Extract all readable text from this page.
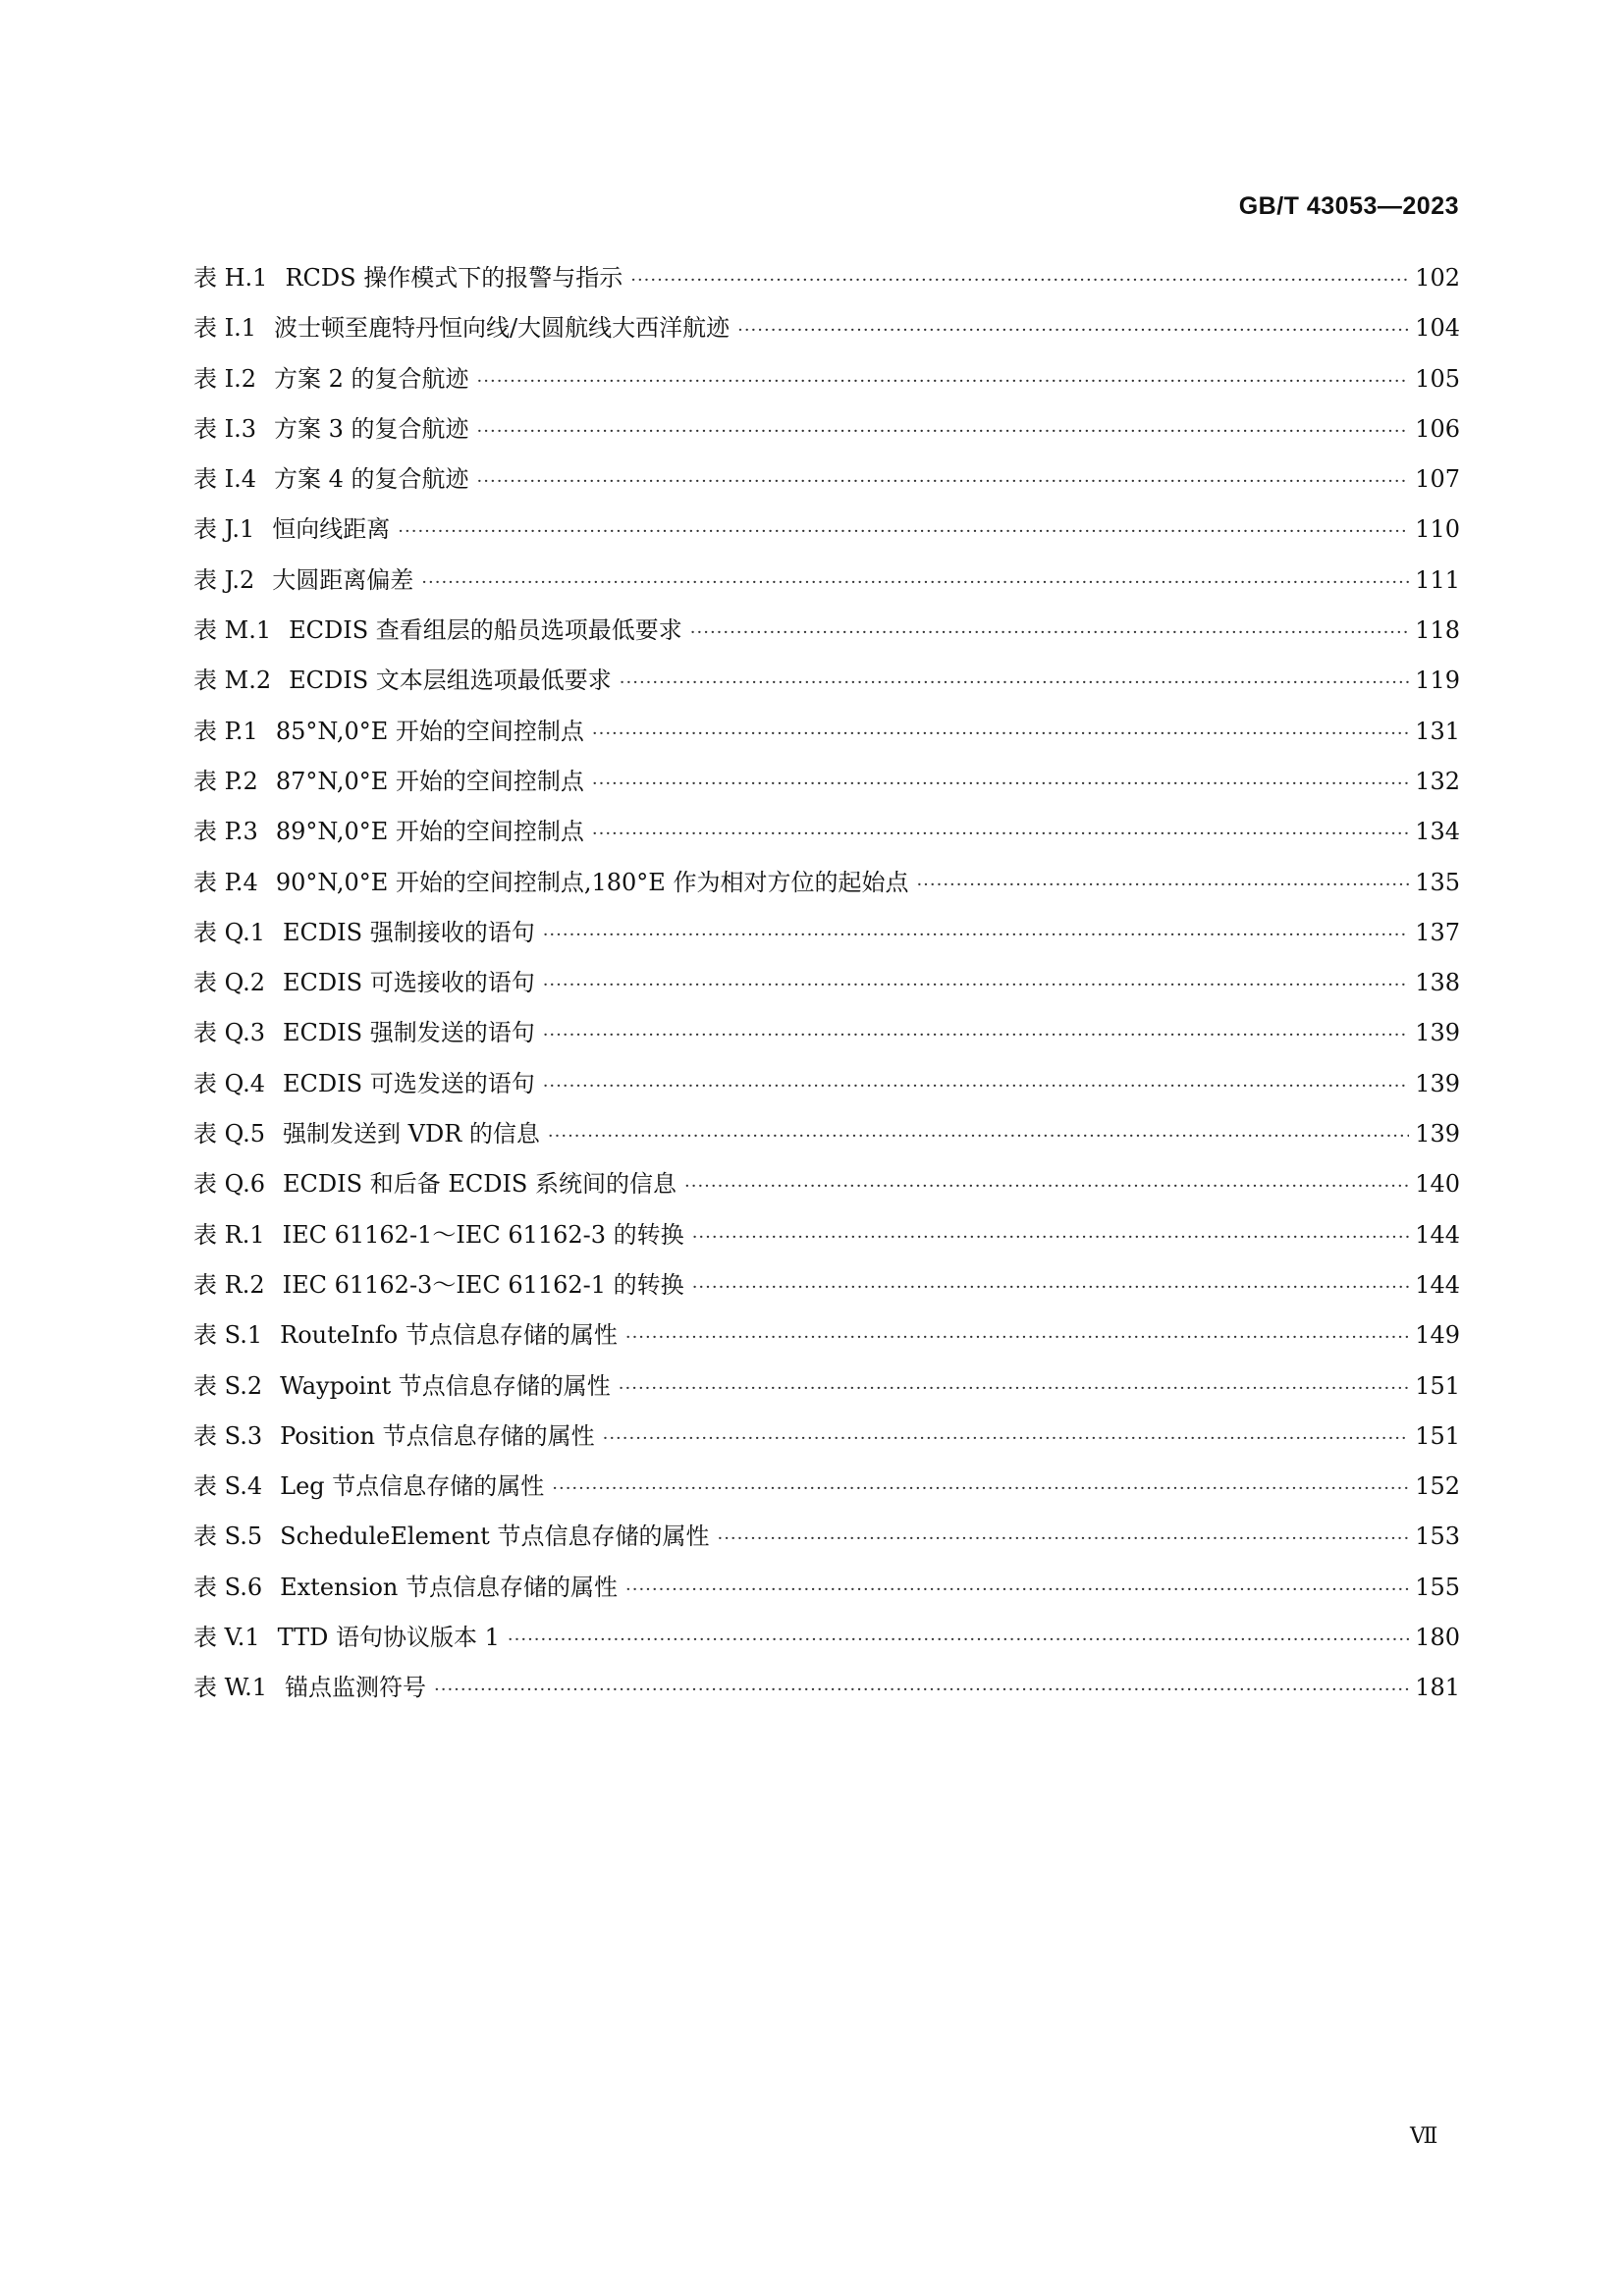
GB/T 43053—2023
表 H.1 RCDS 操作模式下的报警与指示 ·····	102
表 I.1 波士顿至鹿特丹恒向线/大圆航线大西洋航迹 ·····	104
表 I.2 方案 2 的复合航迹 ·····	105
表 I.3 方案 3 的复合航迹 ·····	106
表 I.4 方案 4 的复合航迹 ·····	107
表 J.1 恒向线距离 ·····	110
表 J.2 大圆距离偏差 ·····	111
表 M.1 ECDIS 查看组层的船员选项最低要求 ·····	118
表 M.2 ECDIS 文本层组选项最低要求 ·····	119
表 P.1 85°N,0°E 开始的空间控制点 ·····	131
表 P.2 87°N,0°E 开始的空间控制点 ·····	132
表 P.3 89°N,0°E 开始的空间控制点 ·····	134
表 P.4 90°N,0°E 开始的空间控制点,180°E 作为相对方位的起始点 ·····	135
表 Q.1 ECDIS 强制接收的语句 ·····	137
表 Q.2 ECDIS 可选接收的语句 ·····	138
表 Q.3 ECDIS 强制发送的语句 ·····	139
表 Q.4 ECDIS 可选发送的语句 ·····	139
表 Q.5 强制发送到 VDR 的信息 ·····	139
表 Q.6 ECDIS 和后备 ECDIS 系统间的信息 ·····	140
表 R.1 IEC 61162-1～IEC 61162-3 的转换 ·····	144
表 R.2 IEC 61162-3～IEC 61162-1 的转换 ·····	144
表 S.1 RouteInfo 节点信息存储的属性 ·····	149
表 S.2 Waypoint 节点信息存储的属性 ·····	151
表 S.3 Position 节点信息存储的属性 ·····	151
表 S.4 Leg 节点信息存储的属性 ·····	152
表 S.5 ScheduleElement 节点信息存储的属性 ·····	153
表 S.6 Extension 节点信息存储的属性 ·····	155
表 V.1 TTD 语句协议版本 1 ·····	180
表 W.1 锚点监测符号 ·····	181
Ⅶ
